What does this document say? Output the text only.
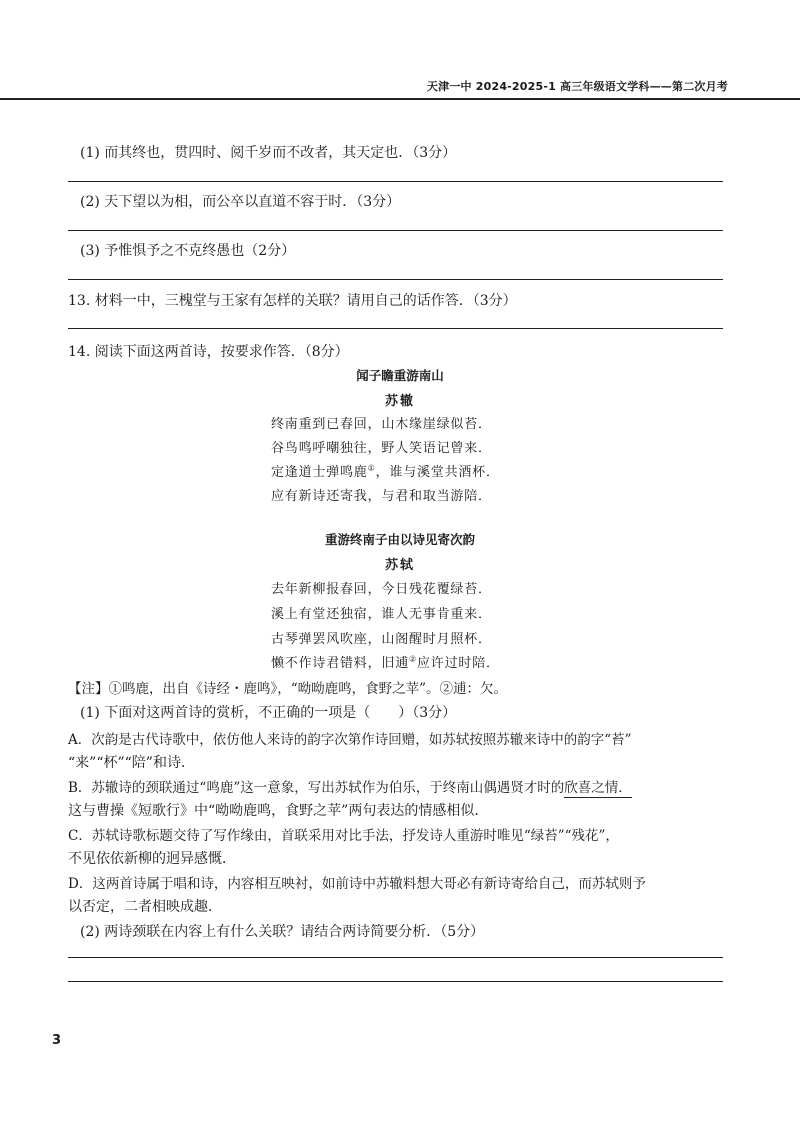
天津一中 2024-2025-1 高三年级语文学科——第二次月考
(1) 而其终也，贯四时、阅千岁而不改者，其天定也．（3分）
(2) 天下望以为相，而公卒以直道不容于时．（3分）
(3) 予惟惧予之不克终愚也（2分）
13. 材料一中，三槐堂与王家有怎样的关联？请用自己的话作答．（3分）
14. 阅读下面这两首诗，按要求作答．（8分）
闻子瞻重游南山
苏辙
终南重到已春回，山木缘崖绿似苔．
谷鸟鸣呼嘲独往，野人笑语记曾来．
定逢道士弹鸣鹿①，谁与溪堂共酒杯．
应有新诗还寄我，与君和取当游陪．
重游终南子由以诗见寄次韵
苏轼
去年新柳报春回，今日残花覆绿苔．
溪上有堂还独宿，谁人无事肯重来．
古琴弹罢风吹座，山阁醒时月照杯．
懒不作诗君错料，旧逋②应许过时陪．
【注】①鸣鹿，出自《诗经・鹿鸣》，“呦呦鹿鸣，食野之苹”。②逋：欠。
(1) 下面对这两首诗的赏析，不正确的一项是（　　）（3分）
A．次韵是古代诗歌中，依仿他人来诗的韵字次第作诗回赠，如苏轼按照苏辙来诗中的韵字“苔”
“来”“杯”“陪”和诗．
B．苏辙诗的颈联通过“鸣鹿”这一意象，写出苏轼作为伯乐，于终南山偶遇贤才时的欣喜之情．
这与曹操《短歌行》中“呦呦鹿鸣，食野之苹”两句表达的情感相似．
C．苏轼诗歌标题交待了写作缘由，首联采用对比手法，抒发诗人重游时唯见“绿苔”“残花”，
不见依依新柳的迥异感慨．
D．这两首诗属于唱和诗，内容相互映衬，如前诗中苏辙料想大哥必有新诗寄给自己，而苏轼则予
以否定，二者相映成趣．
(2) 两诗颈联在内容上有什么关联？请结合两诗简要分析．（5分）
3
